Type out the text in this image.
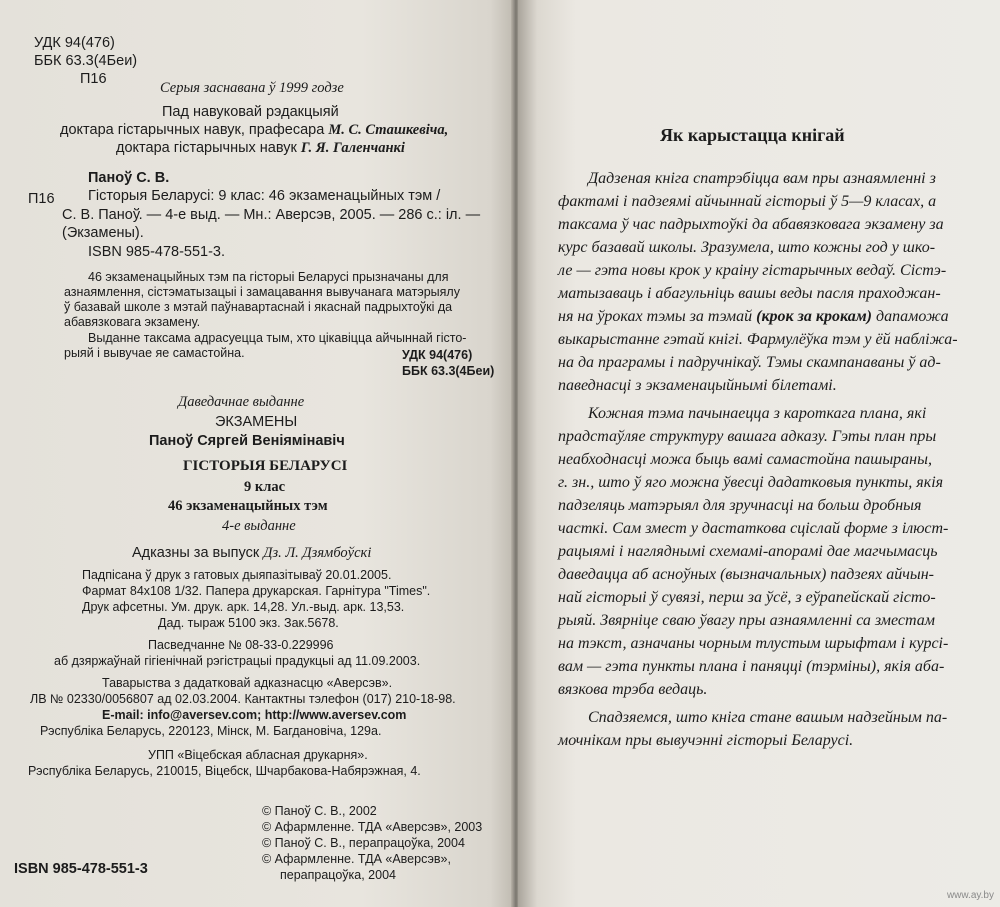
УДК 94(476)
ББК 63.3(4Беи)
П16
Серыя заснавана ў 1999 годзе
Пад навуковай рэдакцыяй
доктара гістарычных навук, прафесара М. С. Сташкевіча,
доктара гістарычных навук Г. Я. Галенчанкі
Паноў С. В.
П16 Гісторыя Беларусі: 9 клас: 46 экзаменацыйных тэм /
С. В. Паноў. — 4-е выд. — Мн.: Аверсэв, 2005. — 286 с.: іл. —
(Экзамены).
ISBN 985-478-551-3.
46 экзаменацыйных тэм па гісторыі Беларусі прызначаны для
азнаямлення, сістэматызацыі і замацавання вывучанага матэрыялу
ў базавай школе з мэтай паўнавартаснай і якаснай падрыхтоўкі да
абавязковага экзамену.
Выданне таксама адрасуецца тым, хто цікавіцца айчыннай гісто-
рыяй і вывучае яе самастойна.	УДК 94(476)
ББК 63.3(4Беи)
Даведачнае выданне
ЭКЗАМЕНЫ
Паноў Сяргей Веніямінавіч
ГІСТОРЫЯ БЕЛАРУСІ
9 клас
46 экзаменацыйных тэм
4-е выданне
Адказны за выпуск Дз. Л. Дзямбоўскі
Падпісана ў друк з гатовых дыяпазітываў 20.01.2005.
Фармат 84х108 1/32. Папера друкарская. Гарнітура "Times".
Друк афсетны. Ум. друк. арк. 14,28. Ул.-выд. арк. 13,53.
Дад. тыраж 5100 экз. Зак.5678.
Пасведчанне № 08-33-0.229996
аб дзяржаўнай гігіенічнай рэгістрацыі прадукцыі ад 11.09.2003.
Таварыства з дадатковай адказнасцю «Аверсэв».
ЛВ № 02330/0056807 ад 02.03.2004. Кантактны тэлефон (017) 210-18-98.
E-mail: info@aversev.com; http://www.aversev.com
Рэспубліка Беларусь, 220123, Мінск, М. Багдановіча, 129а.
УПП «Віцебская абласная друкарня».
Рэспубліка Беларусь, 210015, Віцебск, Шчарбакова-Набярэжная, 4.
© Паноў С. В., 2002
© Афармленне. ТДА «Аверсэв», 2003
© Паноў С. В., перапрацоўка, 2004
© Афармленне. ТДА «Аверсэв»,
перапрацоўка, 2004
ISBN 985-478-551-3
Як карыстацца кнігай
Дадзеная кніга спатрэбіцца вам пры азнаямленні з
фактамі і падзеямі айчыннай гісторыі ў 5—9 класах, а
таксама ў час падрыхтоўкі да абавязковага экзамену за
курс базавай школы. Зразумела, што кожны год у шко-
ле — гэта новы крок у краіну гістарычных ведаў. Сістэ-
матызаваць і абагульніць вашы веды пасля праходжан-
ня на ўроках тэмы за тэмай (крок за крокам) дапаможа
выкарыстанне гэтай кнігі. Фармулёўка тэм у ёй набліжа-
на да праграмы і падручнікаў. Тэмы скампанаваны ў ад-
паведнасці з экзаменацыйнымі білетамі.
Кожная тэма пачынаецца з кароткага плана, які
прадстаўляе структуру вашага адказу. Гэты план пры
неабходнасці можа быць вамі самастойна пашыраны,
г. зн., што ў яго можна ўвесці дадатковыя пункты, якія
падзеляць матэрыял для зручнасці на больш дробныя
часткі. Сам змест у дастаткова сціслай форме з ілюст-
рацыямі і нагляднымі схемамі-апорамі дае магчымасць
даведацца аб асноўных (вызначальных) падзеях айчын-
най гісторыі ў сувязі, перш за ўсё, з еўрапейскай гісто-
рыяй. Звярніце сваю ўвагу пры азнаямленні са зместам
на тэкст, азначаны чорным тлустым шрыфтам і курсі-
вам — гэта пункты плана і паняцці (тэрміны), якія аба-
вязкова трэба ведаць.
Спадзяемся, што кніга стане вашым надзейным па-
мочнікам пры вывучэнні гісторыі Беларусі.
www.ay.by
